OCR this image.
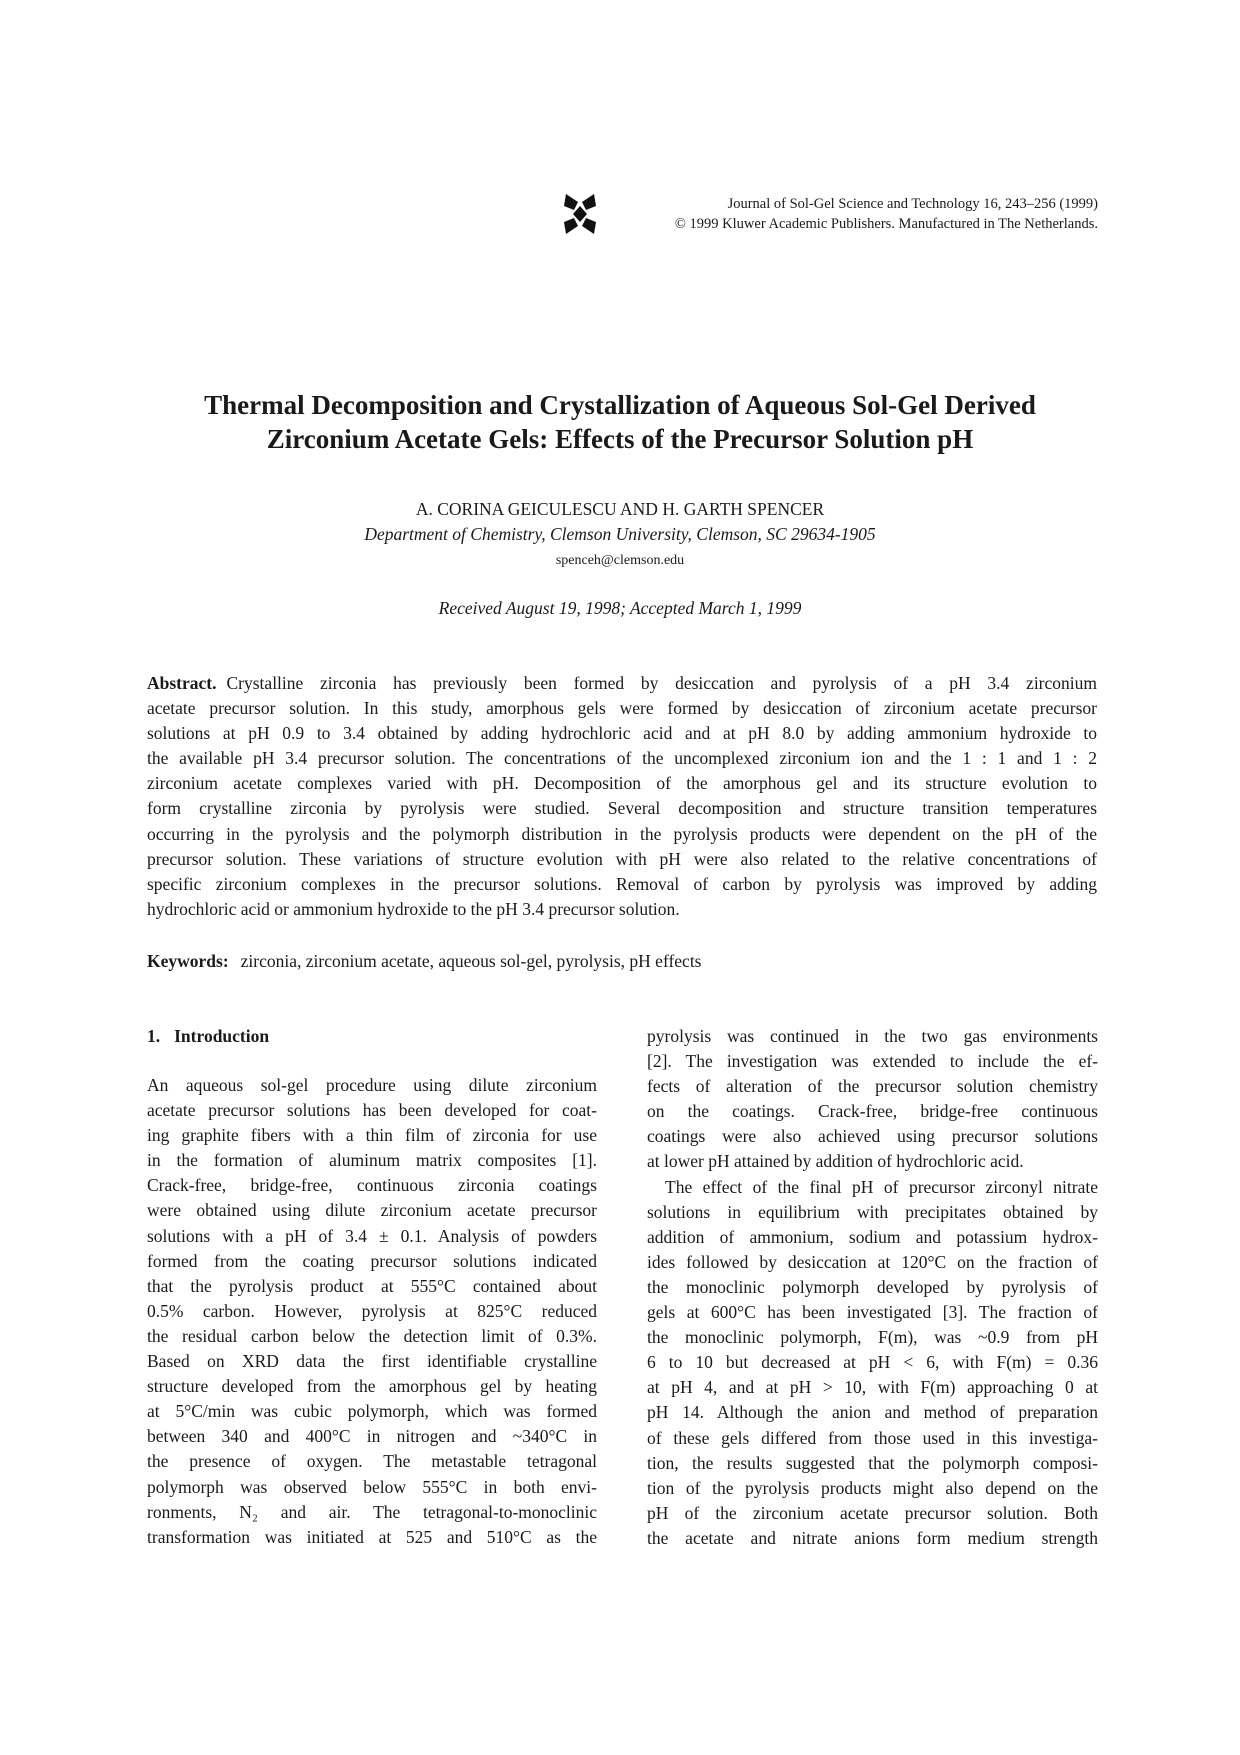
Journal of Sol-Gel Science and Technology 16, 243–256 (1999)
© 1999 Kluwer Academic Publishers. Manufactured in The Netherlands.
Thermal Decomposition and Crystallization of Aqueous Sol-Gel Derived
Zirconium Acetate Gels: Effects of the Precursor Solution pH
A. CORINA GEICULESCU AND H. GARTH SPENCER
Department of Chemistry, Clemson University, Clemson, SC 29634-1905
spenceh@clemson.edu
Received August 19, 1998; Accepted March 1, 1999
Abstract. Crystalline zirconia has previously been formed by desiccation and pyrolysis of a pH 3.4 zirconium
acetate precursor solution. In this study, amorphous gels were formed by desiccation of zirconium acetate precursor
solutions at pH 0.9 to 3.4 obtained by adding hydrochloric acid and at pH 8.0 by adding ammonium hydroxide to
the available pH 3.4 precursor solution. The concentrations of the uncomplexed zirconium ion and the 1 : 1 and 1 : 2
zirconium acetate complexes varied with pH. Decomposition of the amorphous gel and its structure evolution to
form crystalline zirconia by pyrolysis were studied. Several decomposition and structure transition temperatures
occurring in the pyrolysis and the polymorph distribution in the pyrolysis products were dependent on the pH of the
precursor solution. These variations of structure evolution with pH were also related to the relative concentrations of
specific zirconium complexes in the precursor solutions. Removal of carbon by pyrolysis was improved by adding
hydrochloric acid or ammonium hydroxide to the pH 3.4 precursor solution.
Keywords: zirconia, zirconium acetate, aqueous sol-gel, pyrolysis, pH effects
1. Introduction
An aqueous sol-gel procedure using dilute zirconium
acetate precursor solutions has been developed for coat-
ing graphite fibers with a thin film of zirconia for use
in the formation of aluminum matrix composites [1].
Crack-free, bridge-free, continuous zirconia coatings
were obtained using dilute zirconium acetate precursor
solutions with a pH of 3.4 ± 0.1. Analysis of powders
formed from the coating precursor solutions indicated
that the pyrolysis product at 555°C contained about
0.5% carbon. However, pyrolysis at 825°C reduced
the residual carbon below the detection limit of 0.3%.
Based on XRD data the first identifiable crystalline
structure developed from the amorphous gel by heating
at 5°C/min was cubic polymorph, which was formed
between 340 and 400°C in nitrogen and ~340°C in
the presence of oxygen. The metastable tetragonal
polymorph was observed below 555°C in both envi-
ronments, N₂ and air. The tetragonal-to-monoclinic
transformation was initiated at 525 and 510°C as the
pyrolysis was continued in the two gas environments
[2]. The investigation was extended to include the ef-
fects of alteration of the precursor solution chemistry
on the coatings. Crack-free, bridge-free continuous
coatings were also achieved using precursor solutions
at lower pH attained by addition of hydrochloric acid.
The effect of the final pH of precursor zirconyl nitrate
solutions in equilibrium with precipitates obtained by
addition of ammonium, sodium and potassium hydrox-
ides followed by desiccation at 120°C on the fraction of
the monoclinic polymorph developed by pyrolysis of
gels at 600°C has been investigated [3]. The fraction of
the monoclinic polymorph, F(m), was ~0.9 from pH
6 to 10 but decreased at pH < 6, with F(m) = 0.36
at pH 4, and at pH > 10, with F(m) approaching 0 at
pH 14. Although the anion and method of preparation
of these gels differed from those used in this investiga-
tion, the results suggested that the polymorph composi-
tion of the pyrolysis products might also depend on the
pH of the zirconium acetate precursor solution. Both
the acetate and nitrate anions form medium strength
